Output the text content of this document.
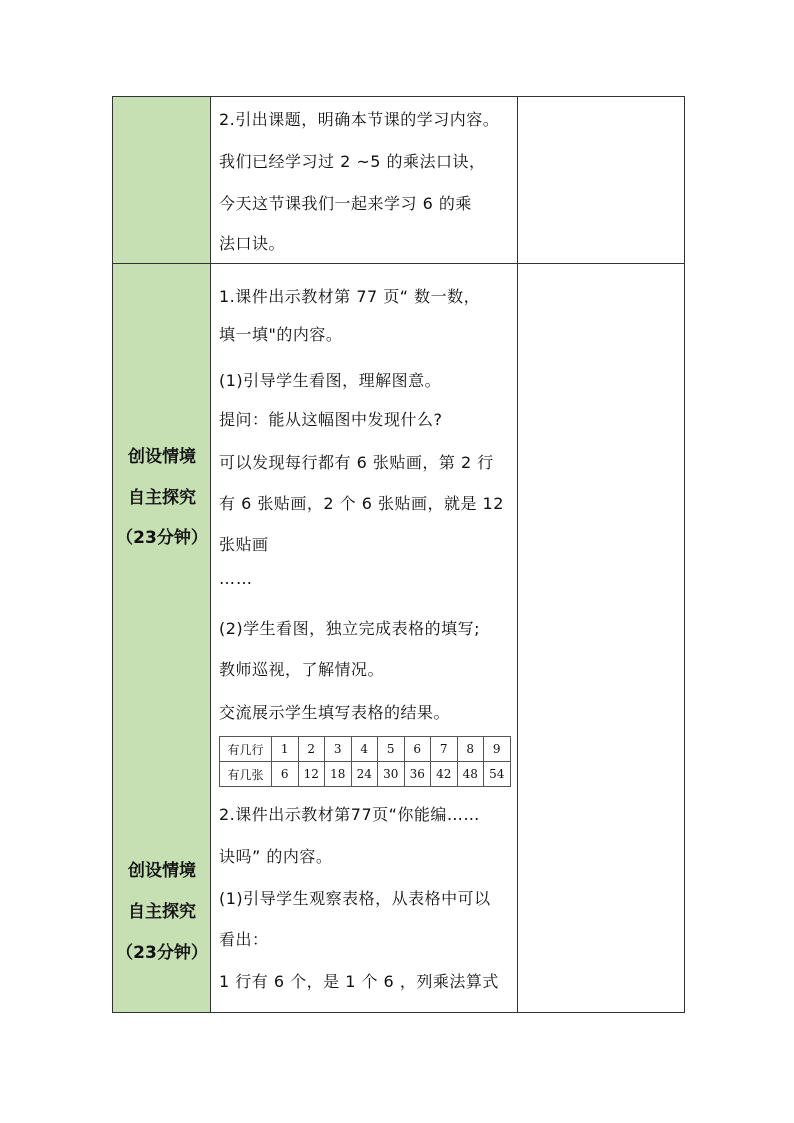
2.引出课题，明确本节课的学习内容。
我们已经学习过 2 ~5 的乘法口诀，
今天这节课我们一起来学习 6 的乘
法口诀。
创设情境
自主探究
（23分钟）
创设情境
自主探究
（23分钟）
1.课件出示教材第 77 页“ 数一数，
填一填"的内容。
(1)引导学生看图，理解图意。
提问：能从这幅图中发现什么?
可以发现每行都有 6 张贴画，第 2 行
有 6 张贴画，2 个 6 张贴画，就是 12
张贴画
……
(2)学生看图，独立完成表格的填写;
教师巡视，了解情况。
交流展示学生填写表格的结果。
有几行	1	2	3	4	5	6	7	8	9
有几张	6	12	18	24	30	36	42	48	54
2.课件出示教材第77页“你能编……
诀吗” 的内容。
(1)引导学生观察表格，从表格中可以
看出：
1 行有 6 个，是 1 个 6 ，列乘法算式
